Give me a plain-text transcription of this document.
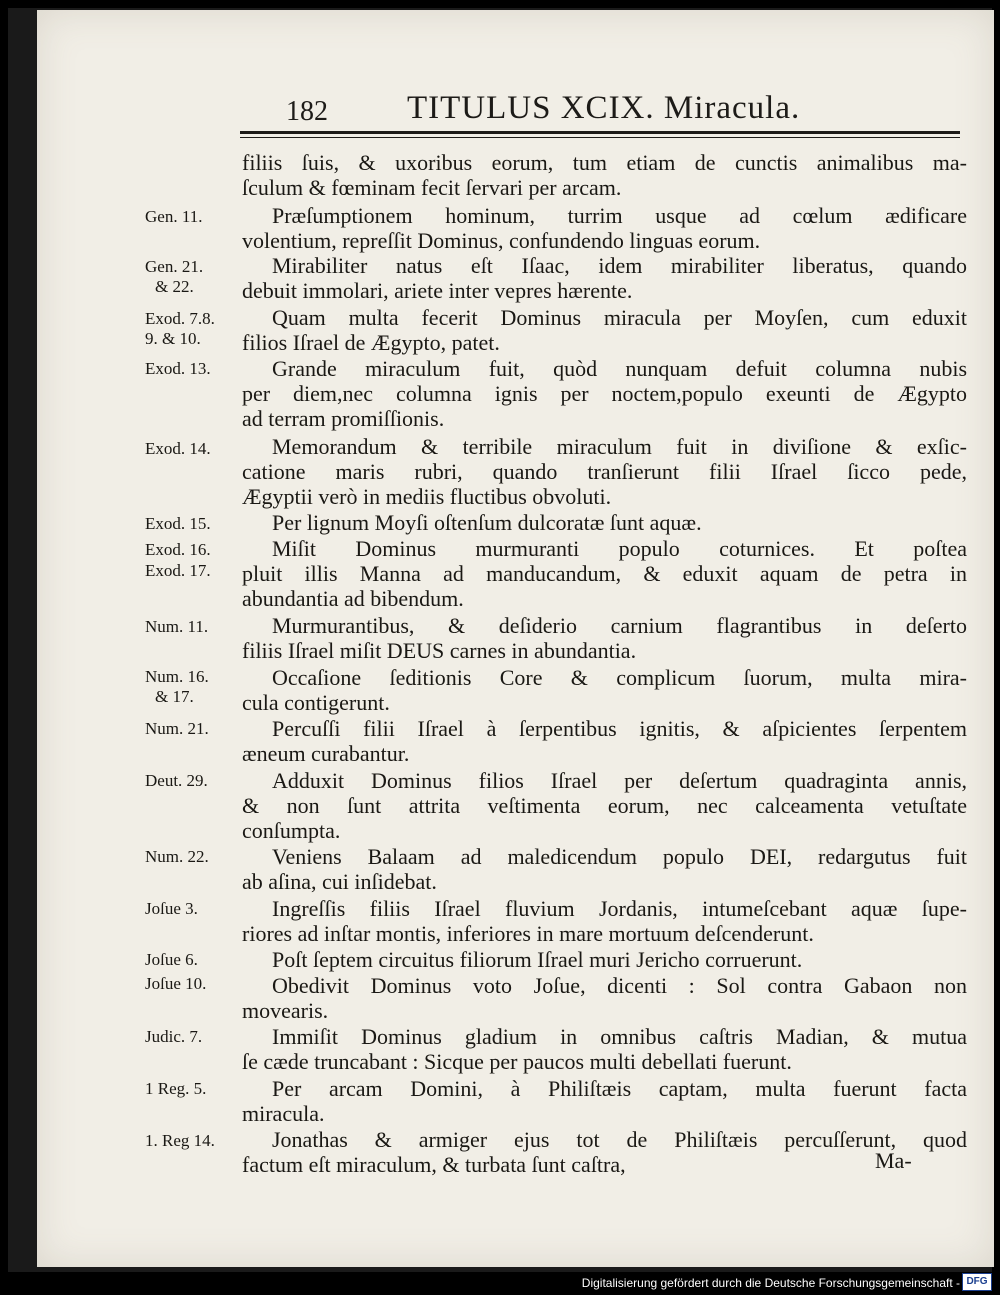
182 TITULUS XCIX. Miracula.
filiis ſuis, & uxoribus eorum, tum etiam de cunctis animalibus ma-
ſculum & fœminam fecit ſervari per arcam.
Præſumptionem hominum, turrim usque ad cœlum ædificare
volentium, repreſſit Dominus, confundendo linguas eorum.
Mirabiliter natus eſt Iſaac, idem mirabiliter liberatus, quando
debuit immolari, ariete inter vepres hærente.
Quam multa fecerit Dominus miracula per Moyſen, cum eduxit
filios Iſrael de Ægypto, patet.
Grande miraculum fuit, quòd nunquam defuit columna nubis
per diem,nec columna ignis per noctem,populo exeunti de Ægypto
ad terram promiſſionis.
Memorandum & terribile miraculum fuit in diviſione & exſic-
catione maris rubri, quando tranſierunt filii Iſrael ſicco pede,
Ægyptii verò in mediis fluctibus obvoluti.
Per lignum Moyſi oſtenſum dulcoratæ ſunt aquæ.
Miſit Dominus murmuranti populo coturnices. Et poſtea
pluit illis Manna ad manducandum, & eduxit aquam de petra in
abundantia ad bibendum.
Murmurantibus, & deſiderio carnium flagrantibus in deſerto
filiis Iſrael miſit DEUS carnes in abundantia.
Occaſione ſeditionis Core & complicum ſuorum, multa mira-
cula contigerunt.
Percuſſi filii Iſrael à ſerpentibus ignitis, & aſpicientes ſerpentem
æneum curabantur.
Adduxit Dominus filios Iſrael per deſertum quadraginta annis,
& non ſunt attrita veſtimenta eorum, nec calceamenta vetuſtate
conſumpta.
Veniens Balaam ad maledicendum populo DEI, redargutus fuit
ab aſina, cui inſidebat.
Ingreſſis filiis Iſrael fluvium Jordanis, intumeſcebant aquæ ſupe-
riores ad inſtar montis, inferiores in mare mortuum deſcenderunt.
Poſt ſeptem circuitus filiorum Iſrael muri Jericho corruerunt.
Obedivit Dominus voto Joſue, dicenti : Sol contra Gabaon non
movearis.
Immiſit Dominus gladium in omnibus caſtris Madian, & mutua
ſe cæde truncabant : Sicque per paucos multi debellati fuerunt.
Per arcam Domini, à Philiſtæis captam, multa fuerunt facta
miracula.
Jonathas & armiger ejus tot de Philiſtæis percuſſerunt, quod
factum eſt miraculum, & turbata ſunt caſtra,
Gen. 11.
Gen. 21.
& 22.
Exod. 7.8.
9. & 10.
Exod. 13.
Exod. 14.
Exod. 15.
Exod. 16.
Exod. 17.
Num. 11.
Num. 16.
& 17.
Num. 21.
Deut. 29.
Num. 22.
Joſue 3.
Joſue 6.
Joſue 10.
Judic. 7.
1 Reg. 5.
1. Reg 14.
Ma-
Digitalisierung gefördert durch die Deutsche Forschungsgemeinschaft - DFG
